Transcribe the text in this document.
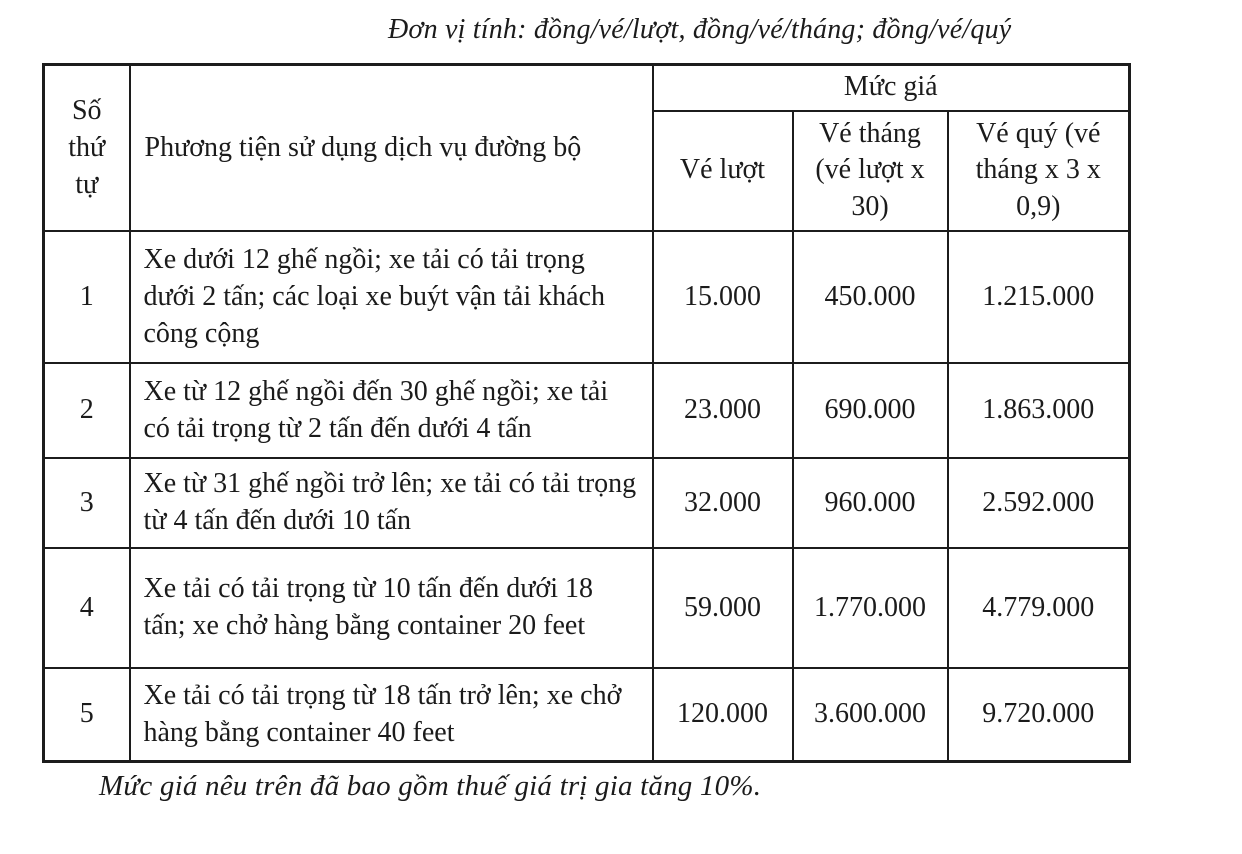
Đơn vị tính: đồng/vé/lượt, đồng/vé/tháng; đồng/vé/quý
Số thứ tự	Phương tiện sử dụng dịch vụ đường bộ	Mức giá		
		Vé lượt	Vé tháng (vé lượt x 30)	Vé quý (vé tháng x 3 x 0,9)
1	Xe dưới 12 ghế ngồi; xe tải có tải trọng dưới 2 tấn; các loại xe buýt vận tải khách công cộng	15.000	450.000	1.215.000
2	Xe từ 12 ghế ngồi đến 30 ghế ngồi; xe tải có tải trọng từ 2 tấn đến dưới 4 tấn	23.000	690.000	1.863.000
3	Xe từ 31 ghế ngồi trở lên; xe tải có tải trọng từ 4 tấn đến dưới 10 tấn	32.000	960.000	2.592.000
4	Xe tải có tải trọng từ 10 tấn đến dưới 18 tấn; xe chở hàng bằng container 20 feet	59.000	1.770.000	4.779.000
5	Xe tải có tải trọng từ 18 tấn trở lên; xe chở hàng bằng container 40 feet	120.000	3.600.000	9.720.000
Mức giá nêu trên đã bao gồm thuế giá trị gia tăng 10%.
